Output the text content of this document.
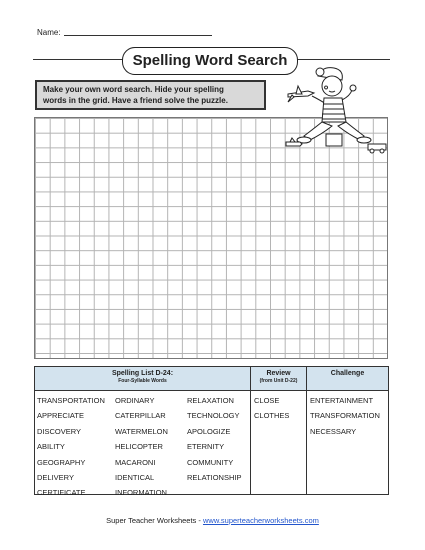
Name:
Spelling Word Search
Make your own word search. Hide your spelling
words in the grid. Have a friend solve the puzzle.
Spelling List D-24:
Four-Syllable Words
Review
(from Unit D-22)
Challenge
TRANSPORTATION
APPRECIATE
DISCOVERY
ABILITY
GEOGRAPHY
DELIVERY
CERTIFICATE
ORDINARY
CATERPILLAR
WATERMELON
HELICOPTER
MACARONI
IDENTICAL
INFORMATION
RELAXATION
TECHNOLOGY
APOLOGIZE
ETERNITY
COMMUNITY
RELATIONSHIP
CLOSE
CLOTHES
ENTERTAINMENT
TRANSFORMATION
NECESSARY
Super Teacher Worksheets - www.superteacherworksheets.com
